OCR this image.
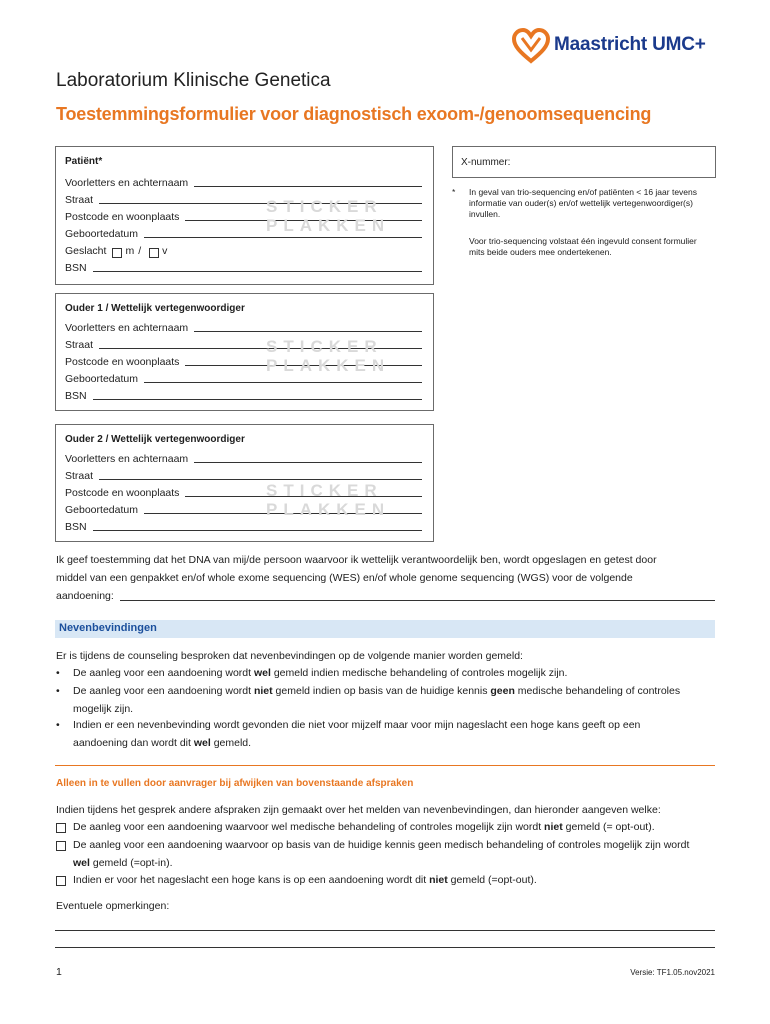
Maastricht UMC+
Laboratorium Klinische Genetica
Toestemmingsformulier voor diagnostisch exoom-/genoomsequencing
Patiënt*
Voorletters en achternaam
Straat
Postcode en woonplaats
Geboortedatum
Geslacht m / v
BSN
STICKER
PLAKKEN
X-nummer:
* In geval van trio-sequencing en/of patiënten < 16 jaar tevens informatie van ouder(s) en/of wettelijk vertegenwoordiger(s) invullen.
Voor trio-sequencing volstaat één ingevuld consent formulier mits beide ouders mee ondertekenen.
Ouder 1 / Wettelijk vertegenwoordiger
Voorletters en achternaam
Straat
Postcode en woonplaats
Geboortedatum
BSN
STICKER
PLAKKEN
Ouder 2 / Wettelijk vertegenwoordiger
Voorletters en achternaam
Straat
Postcode en woonplaats
Geboortedatum
BSN
STICKER
PLAKKEN
Ik geef toestemming dat het DNA van mij/de persoon waarvoor ik wettelijk verantwoordelijk ben, wordt opgeslagen en getest door
middel van een genpakket en/of whole exome sequencing (WES) en/of whole genome sequencing (WGS) voor de volgende
aandoening:
Nevenbevindingen
Er is tijdens de counseling besproken dat nevenbevindingen op de volgende manier worden gemeld:
• De aanleg voor een aandoening wordt wel gemeld indien medische behandeling of controles mogelijk zijn.
• De aanleg voor een aandoening wordt niet gemeld indien op basis van de huidige kennis geen medische behandeling of controles mogelijk zijn.
• Indien er een nevenbevinding wordt gevonden die niet voor mijzelf maar voor mijn nageslacht een hoge kans geeft op een aandoening dan wordt dit wel gemeld.
Alleen in te vullen door aanvrager bij afwijken van bovenstaande afspraken
Indien tijdens het gesprek andere afspraken zijn gemaakt over het melden van nevenbevindingen, dan hieronder aangeven welke:
De aanleg voor een aandoening waarvoor wel medische behandeling of controles mogelijk zijn wordt niet gemeld (= opt-out).
De aanleg voor een aandoening waarvoor op basis van de huidige kennis geen medisch behandeling of controles mogelijk zijn wordt wel gemeld (=opt-in).
Indien er voor het nageslacht een hoge kans is op een aandoening wordt dit niet gemeld (=opt-out).
Eventuele opmerkingen:
1	Versie: TF1.05.nov2021
